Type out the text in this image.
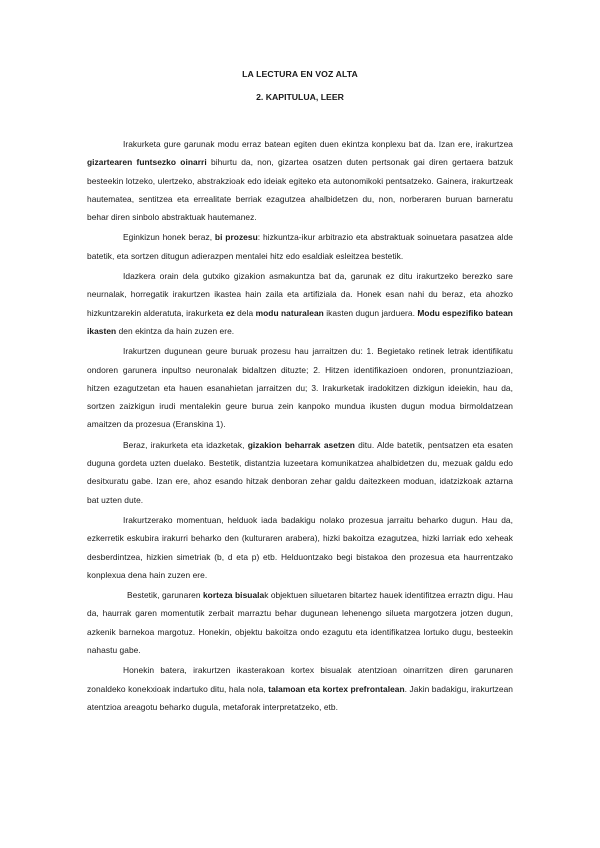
LA LECTURA EN VOZ ALTA

2. KAPITULUA, LEER

Irakurketa gure garunak modu erraz batean egiten duen ekintza konplexu bat da. Izan ere, irakurtzea gizartearen funtsezko oinarri bihurtu da, non, gizartea osatzen duten pertsonak gai diren gertaera batzuk besteekin lotzeko, ulertzeko, abstrakzioak edo ideiak egiteko eta autonomikoki pentsatzeko. Gainera, irakurtzeak hautematea, sentitzea eta errealitate berriak ezagutzea ahalbidetzen du, non, norberaren buruan barneratu behar diren sinbolo abstraktuak hautemanez.

Eginkizun honek beraz, bi prozesu: hizkuntza-ikur arbitrazio eta abstraktuak soinuetara pasatzea alde batetik, eta sortzen ditugun adierazpen mentalei hitz edo esaldiak esleitzea bestetik.

Idazkera orain dela gutxiko gizakion asmakuntza bat da, garunak ez ditu irakurtzeko berezko sare neurnalak, horregatik irakurtzen ikastea hain zaila eta artifiziala da. Honek esan nahi du beraz, eta ahozko hizkuntzarekin alderatuta, irakurketa ez dela modu naturalean ikasten dugun jarduera. Modu espezifiko batean ikasten den ekintza da hain zuzen ere.

Irakurtzen dugunean geure buruak prozesu hau jarraitzen du: 1. Begietako retinek letrak identifikatu ondoren garunera inpultso neuronalak bidaltzen dituzte; 2. Hitzen identifikazioen ondoren, pronuntziazioan, hitzen ezagutzetan eta hauen esanahietan jarraitzen du; 3. Irakurketak iradokitzen dizkigun ideiekin, hau da, sortzen zaizkigun irudi mentalekin geure burua zein kanpoko mundua ikusten dugun modua birmoldatzean amaitzen da prozesua (Eranskina 1).

Beraz, irakurketa eta idazketak, gizakion beharrak asetzen ditu. Alde batetik, pentsatzen eta esaten duguna gordeta uzten duelako. Bestetik, distantzia luzeetara komunikatzea ahalbidetzen du, mezuak galdu edo desitxuratu gabe. Izan ere, ahoz esando hitzak denboran zehar galdu daitezkeen moduan, idatzizkoak aztarna bat uzten dute.

Irakurtzerako momentuan, helduok iada badakigu nolako prozesua jarraitu beharko dugun. Hau da, ezkerretik eskubira irakurri beharko den (kulturaren arabera), hizki bakoitza ezagutzea, hizki larriak edo xeheak desberdintzea, hizkien simetriak (b, d eta p) etb. Helduontzako begi bistakoa den prozesua eta haurrentzako konplexua dena hain zuzen ere.

Bestetik, garunaren korteza bisualak objektuen siluetaren bitartez hauek identifitzea erraztn digu. Hau da, haurrak garen momentutik zerbait marraztu behar dugunean lehenengo silueta margotzera jotzen dugun, azkenik barnekoa margotuz. Honekin, objektu bakoitza ondo ezagutu eta identifikatzea lortuko dugu, besteekin nahastu gabe.

Honekin batera, irakurtzen ikasterakoan kortex bisualak atentzioan oinarritzen diren garunaren zonaldeko konekxioak indartuko ditu, hala nola, talamoan eta kortex prefrontalean. Jakin badakigu, irakurtzean atentzioa areagotu beharko dugula, metaforak interpretatzeko, etb.
